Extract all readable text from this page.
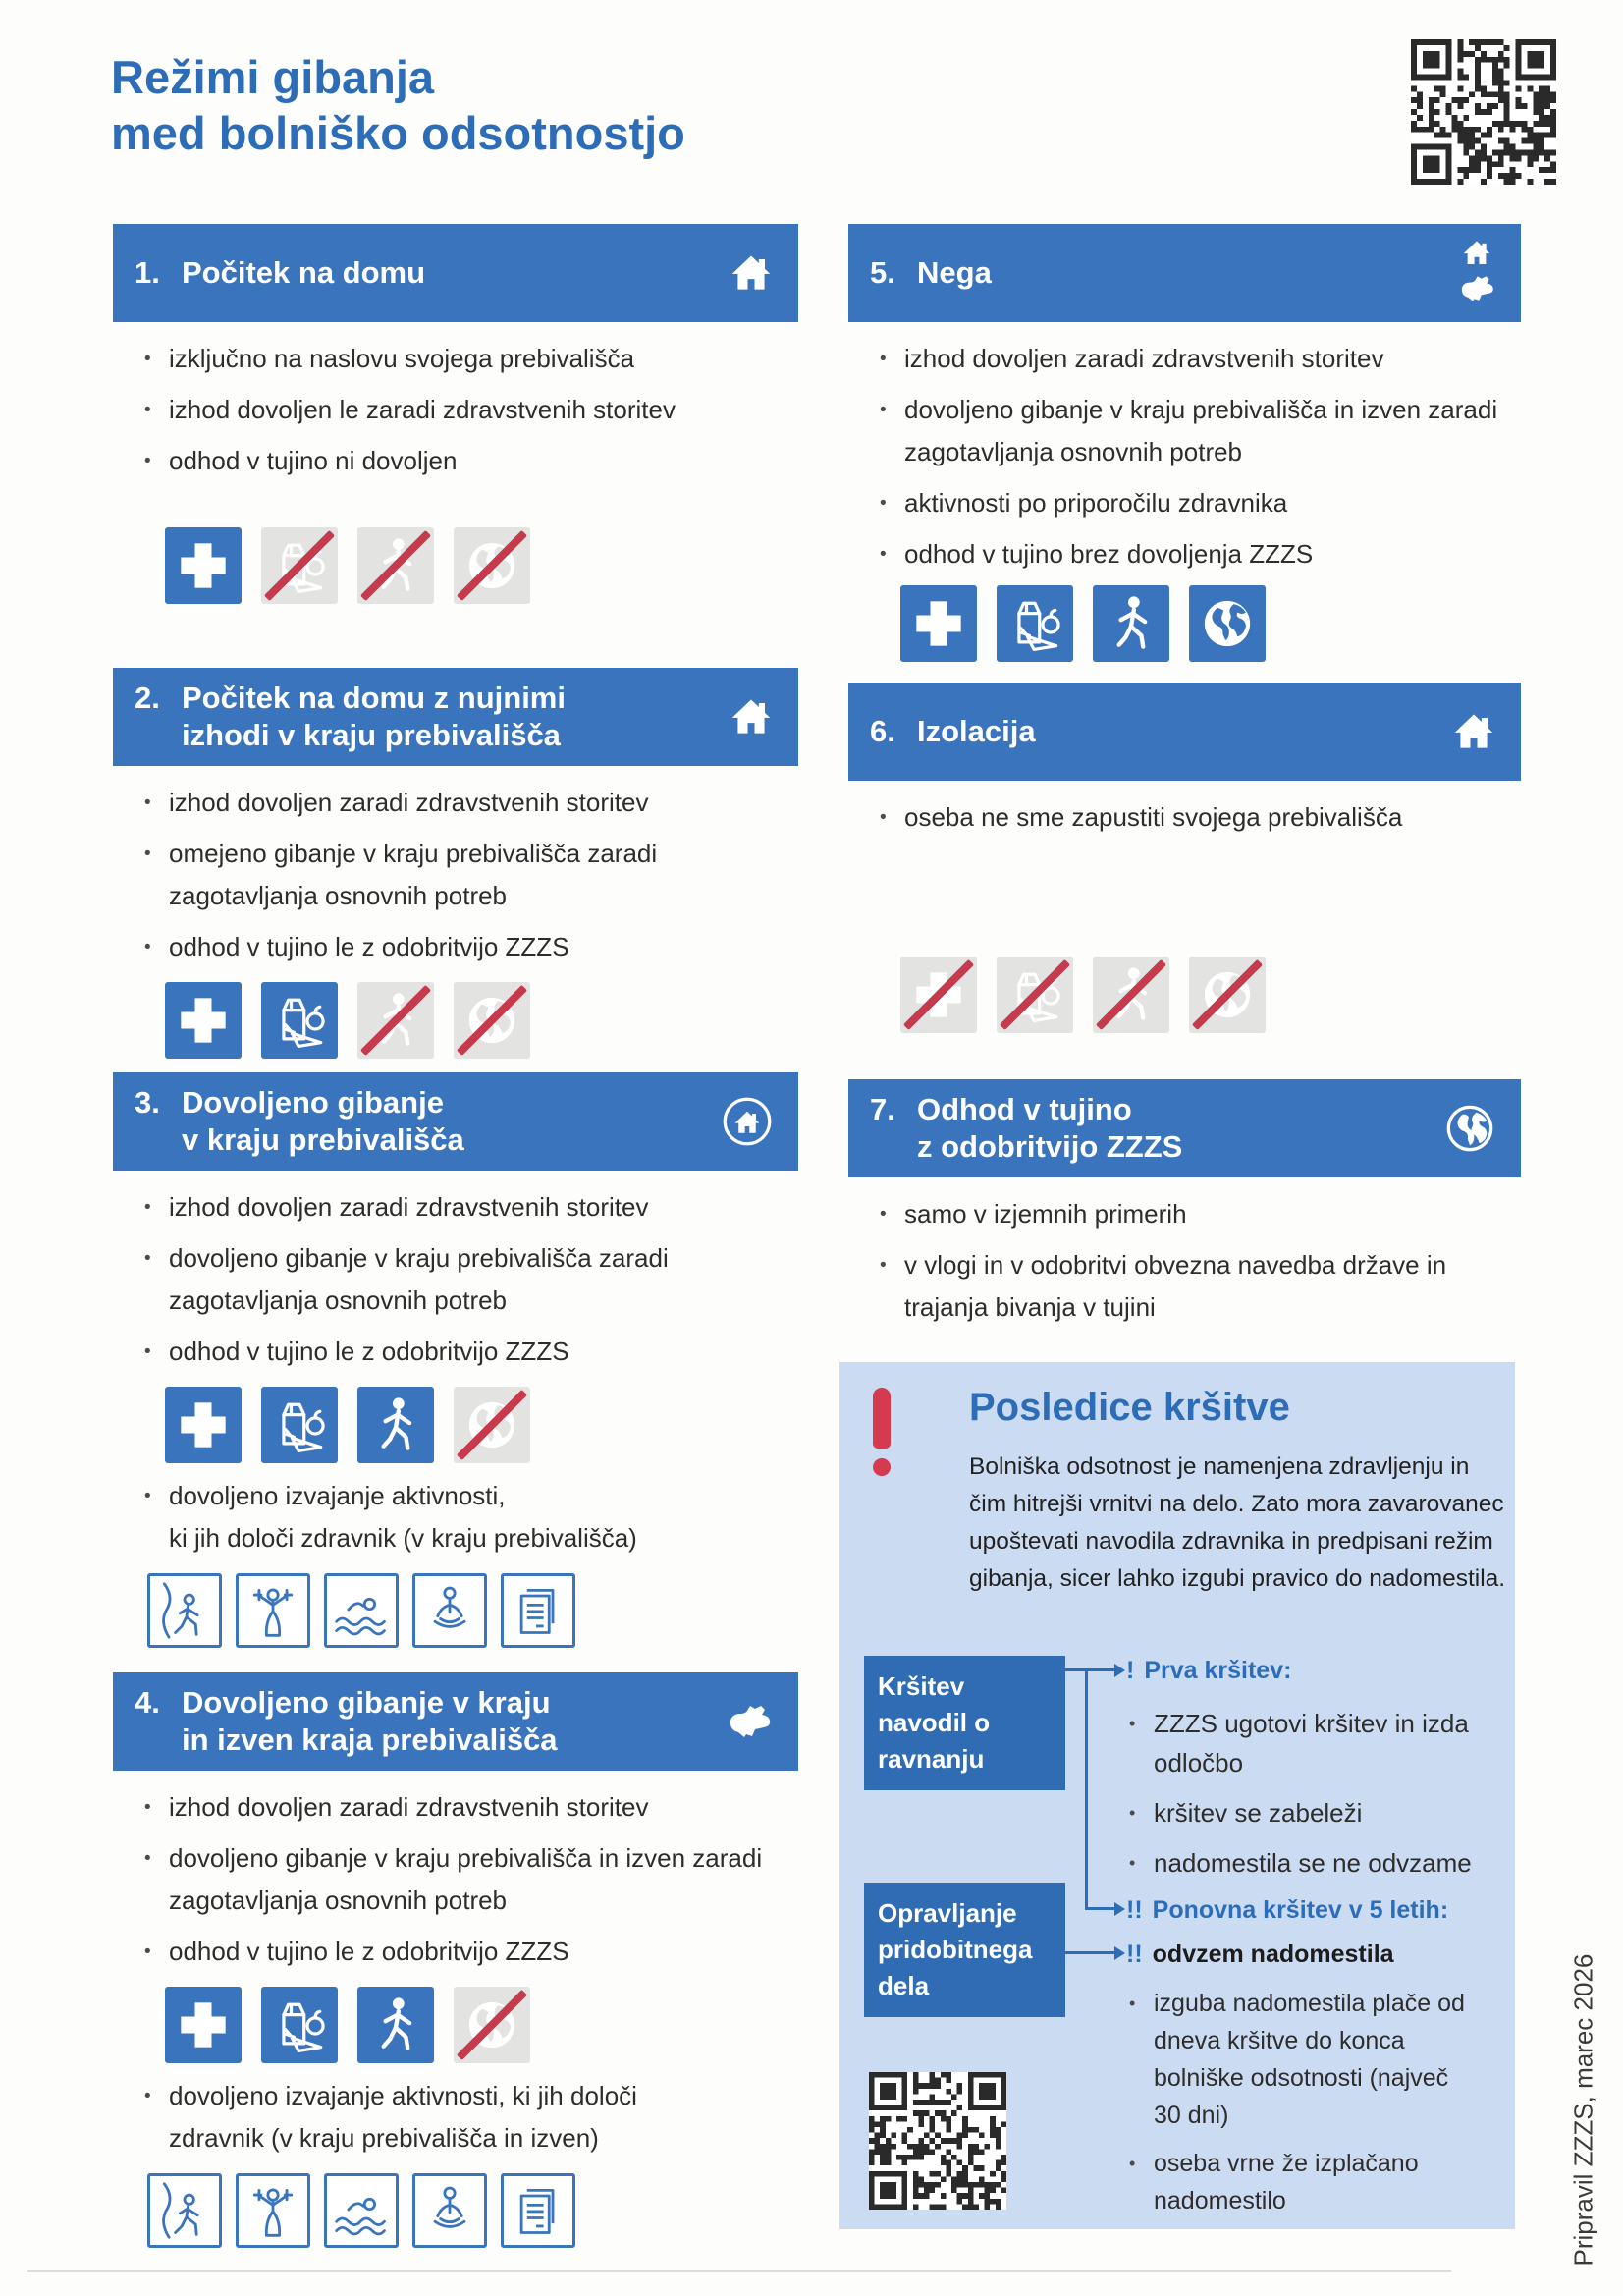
Režimi gibanja
med bolniško odsotnostjo
1. Počitek na domu
• izključno na naslovu svojega prebivališča
• izhod dovoljen le zaradi zdravstvenih storitev
• odhod v tujino ni dovoljen
2. Počitek na domu z nujnimi
izhodi v kraju prebivališča
• izhod dovoljen zaradi zdravstvenih storitev
• omejeno gibanje v kraju prebivališča zaradi zagotavljanja osnovnih potreb
• odhod v tujino le z odobritvijo ZZZS
3. Dovoljeno gibanje
v kraju prebivališča
• izhod dovoljen zaradi zdravstvenih storitev
• dovoljeno gibanje v kraju prebivališča zaradi zagotavljanja osnovnih potreb
• odhod v tujino le z odobritvijo ZZZS
• dovoljeno izvajanje aktivnosti,
ki jih določi zdravnik (v kraju prebivališča)
4. Dovoljeno gibanje v kraju
in izven kraja prebivališča
• izhod dovoljen zaradi zdravstvenih storitev
• dovoljeno gibanje v kraju prebivališča in izven zaradi zagotavljanja osnovnih potreb
• odhod v tujino le z odobritvijo ZZZS
• dovoljeno izvajanje aktivnosti, ki jih določi
zdravnik (v kraju prebivališča in izven)
5. Nega
• izhod dovoljen zaradi zdravstvenih storitev
• dovoljeno gibanje v kraju prebivališča in izven zaradi zagotavljanja osnovnih potreb
• aktivnosti po priporočilu zdravnika
• odhod v tujino brez dovoljenja ZZZS
6. Izolacija
• oseba ne sme zapustiti svojega prebivališča
7. Odhod v tujino
z odobritvijo ZZZS
• samo v izjemnih primerih
• v vlogi in v odobritvi obvezna navedba države in trajanja bivanja v tujini
Posledice kršitve
Bolniška odsotnost je namenjena zdravljenju in čim hitrejši vrnitvi na delo. Zato mora zavarovanec upoštevati navodila zdravnika in predpisani režim gibanja, sicer lahko izgubi pravico do nadomestila.
Kršitev navodil o ravnanju
Opravljanje pridobitnega dela
! Prva kršitev:
• ZZZS ugotovi kršitev in izda odločbo
• kršitev se zabeleži
• nadomestila se ne odvzame
!! Ponovna kršitev v 5 letih:
!! odvzem nadomestila
• izguba nadomestila plače od dneva kršitve do konca bolniške odsotnosti (največ 30 dni)
• oseba vrne že izplačano nadomestilo	Pripravil ZZZS, marec 2026
